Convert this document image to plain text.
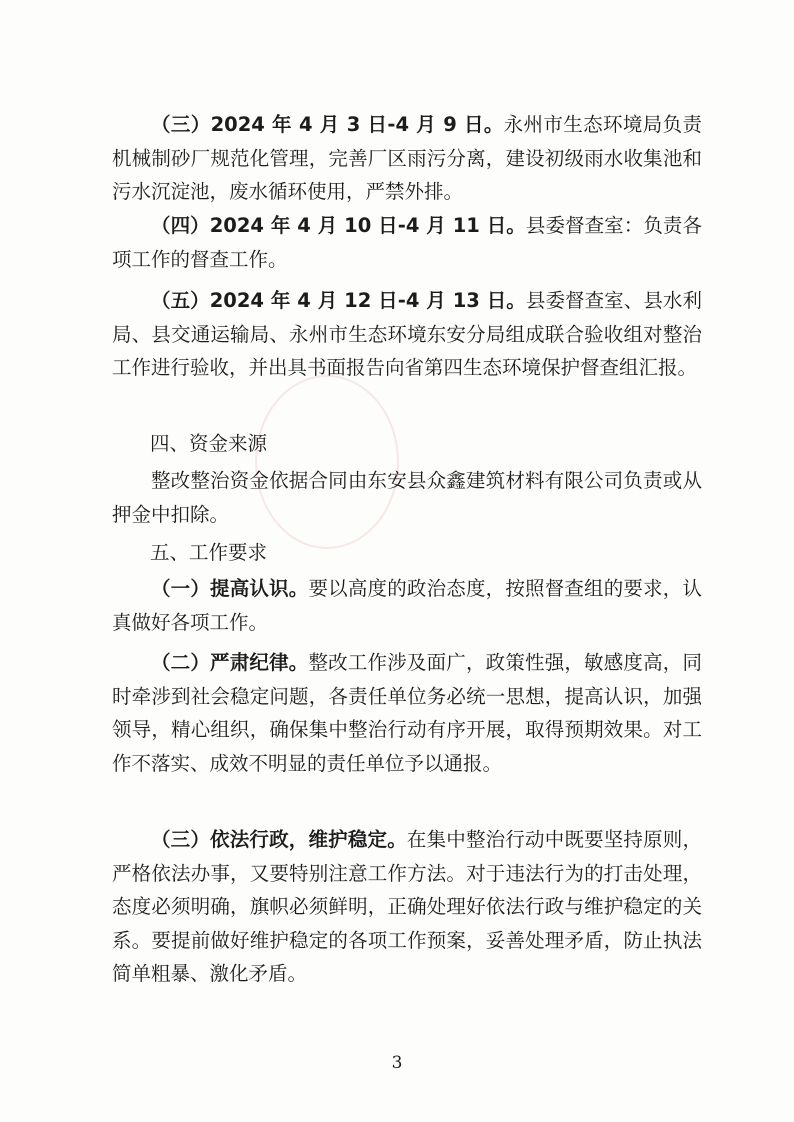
（三）2024 年 4 月 3 日-4 月 9 日。永州市生态环境局负责机械制砂厂规范化管理，完善厂区雨污分离，建设初级雨水收集池和污水沉淀池，废水循环使用，严禁外排。

（四）2024 年 4 月 10 日-4 月 11 日。县委督查室：负责各项工作的督查工作。

（五）2024 年 4 月 12 日-4 月 13 日。县委督查室、县水利局、县交通运输局、永州市生态环境东安分局组成联合验收组对整治工作进行验收，并出具书面报告向省第四生态环境保护督查组汇报。

四、资金来源

整改整治资金依据合同由东安县众鑫建筑材料有限公司负责或从押金中扣除。

五、工作要求

（一）提高认识。要以高度的政治态度，按照督查组的要求，认真做好各项工作。

（二）严肃纪律。整改工作涉及面广，政策性强，敏感度高，同时牵涉到社会稳定问题，各责任单位务必统一思想，提高认识，加强领导，精心组织，确保集中整治行动有序开展，取得预期效果。对工作不落实、成效不明显的责任单位予以通报。

（三）依法行政，维护稳定。在集中整治行动中既要坚持原则，严格依法办事，又要特别注意工作方法。对于违法行为的打击处理，态度必须明确，旗帜必须鲜明，正确处理好依法行政与维护稳定的关系。要提前做好维护稳定的各项工作预案，妥善处理矛盾，防止执法简单粗暴、激化矛盾。

3
